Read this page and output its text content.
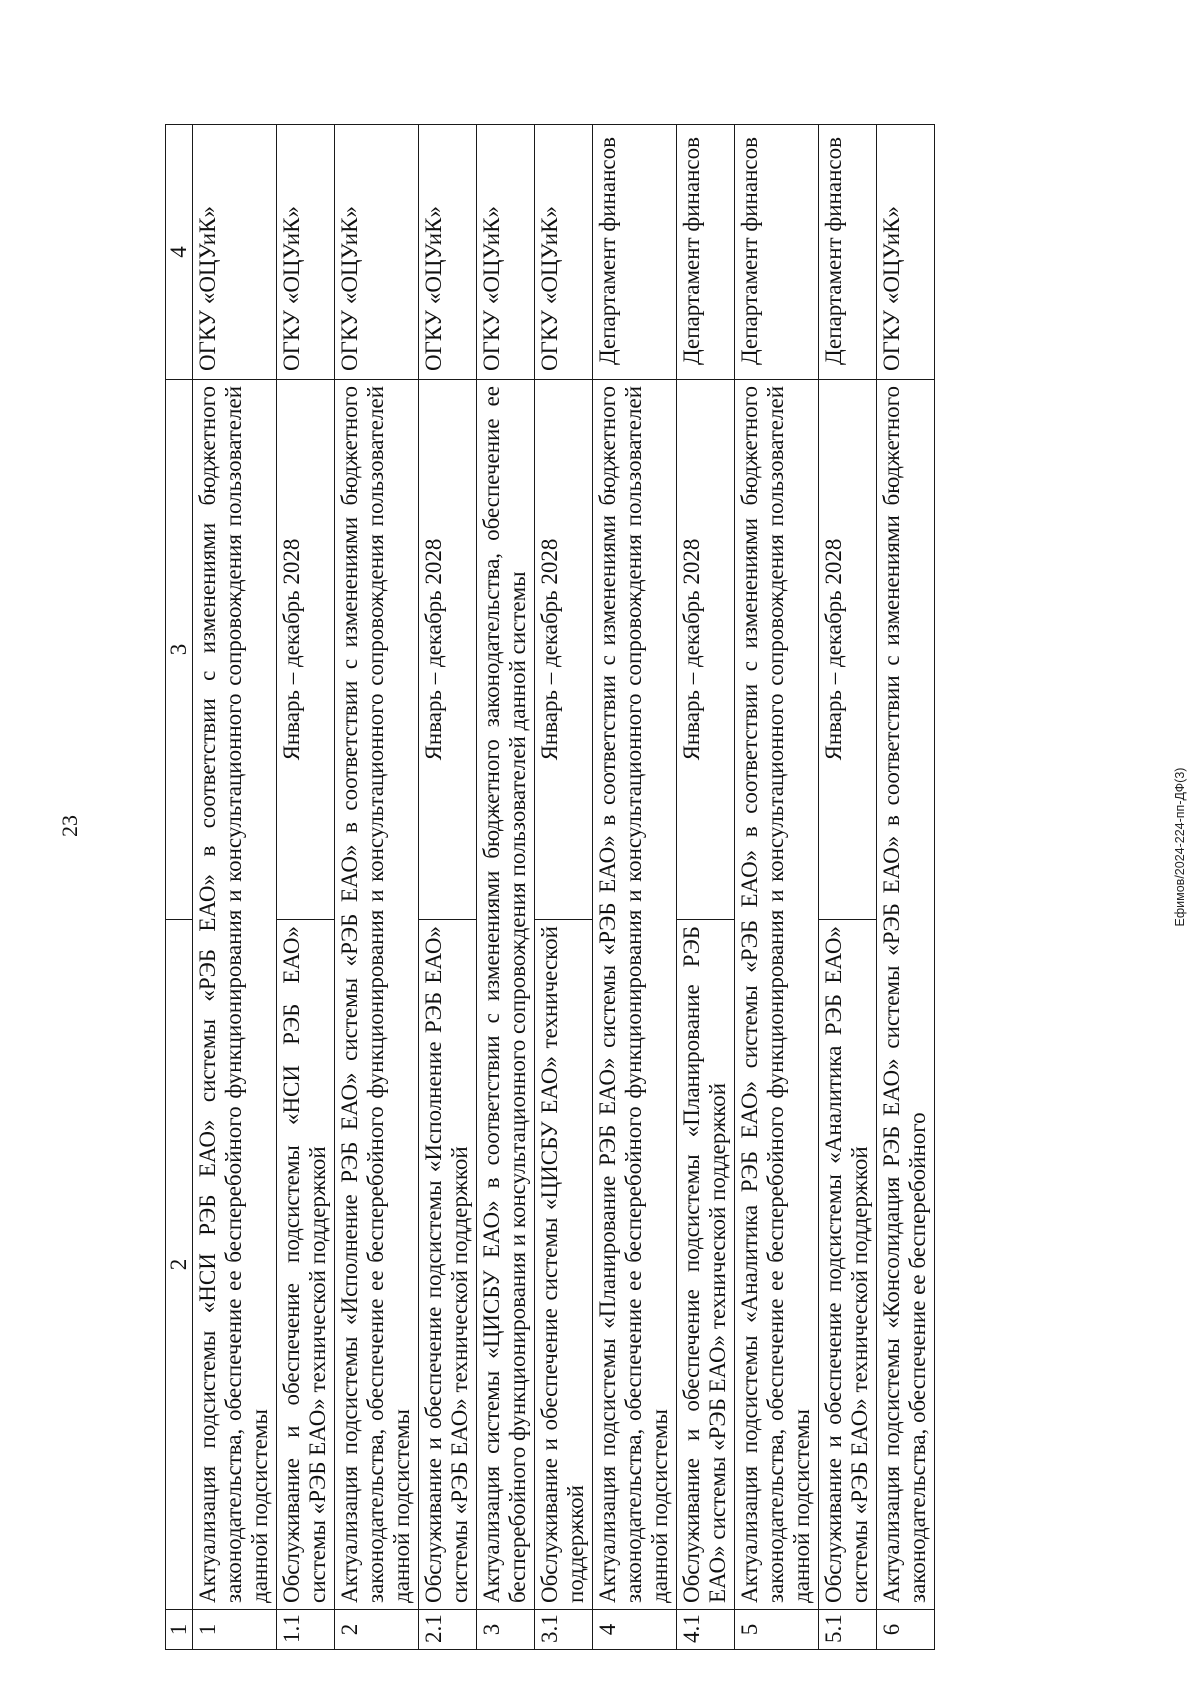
23	Ефимов/2024-224-пп-ДФ(3)
1	2	3	4
1	Актуализация подсистемы «НСИ РЭБ ЕАО» системы «РЭБ ЕАО» в соответствии с изменениями бюджетного законодательства, обеспечение ее бесперебойного функционирования и консультационного сопровождения пользователей данной подсистемы		ОГКУ «ОЦУиК»
1.1	Обслуживание и обеспечение подсистемы «НСИ РЭБ ЕАО» системы «РЭБ ЕАО» технической поддержкой	Январь – декабрь 2028	ОГКУ «ОЦУиК»
2	Актуализация подсистемы «Исполнение РЭБ ЕАО» системы «РЭБ ЕАО» в соответствии с изменениями бюджетного законодательства, обеспечение ее бесперебойного функционирования и консультационного сопровождения пользователей данной подсистемы		ОГКУ «ОЦУиК»
2.1	Обслуживание и обеспечение подсистемы «Исполнение РЭБ ЕАО» системы «РЭБ ЕАО» технической поддержкой	Январь – декабрь 2028	ОГКУ «ОЦУиК»
3	Актуализация системы «ЦИСБУ ЕАО» в соответствии с изменениями бюджетного законодательства, обеспечение ее бесперебойного функционирования и консультационного сопровождения пользователей данной системы		ОГКУ «ОЦУиК»
3.1	Обслуживание и обеспечение системы «ЦИСБУ ЕАО» технической поддержкой	Январь – декабрь 2028	ОГКУ «ОЦУиК»
4	Актуализация подсистемы «Планирование РЭБ ЕАО» системы «РЭБ ЕАО» в соответствии с изменениями бюджетного законодательства, обеспечение ее бесперебойного функционирования и консультационного сопровождения пользователей данной подсистемы		Департамент финансов
4.1	Обслуживание и обеспечение подсистемы «Планирование РЭБ ЕАО» системы «РЭБ ЕАО» технической поддержкой	Январь – декабрь 2028	Департамент финансов
5	Актуализация подсистемы «Аналитика РЭБ ЕАО» системы «РЭБ ЕАО» в соответствии с изменениями бюджетного законодательства, обеспечение ее бесперебойного функционирования и консультационного сопровождения пользователей данной подсистемы		Департамент финансов
5.1	Обслуживание и обеспечение подсистемы «Аналитика РЭБ ЕАО» системы «РЭБ ЕАО» технической поддержкой	Январь – декабрь 2028	Департамент финансов
6	Актуализация подсистемы «Консолидация РЭБ ЕАО» системы «РЭБ ЕАО» в соответствии с изменениями бюджетного законодательства, обеспечение ее бесперебойного		ОГКУ «ОЦУиК»
